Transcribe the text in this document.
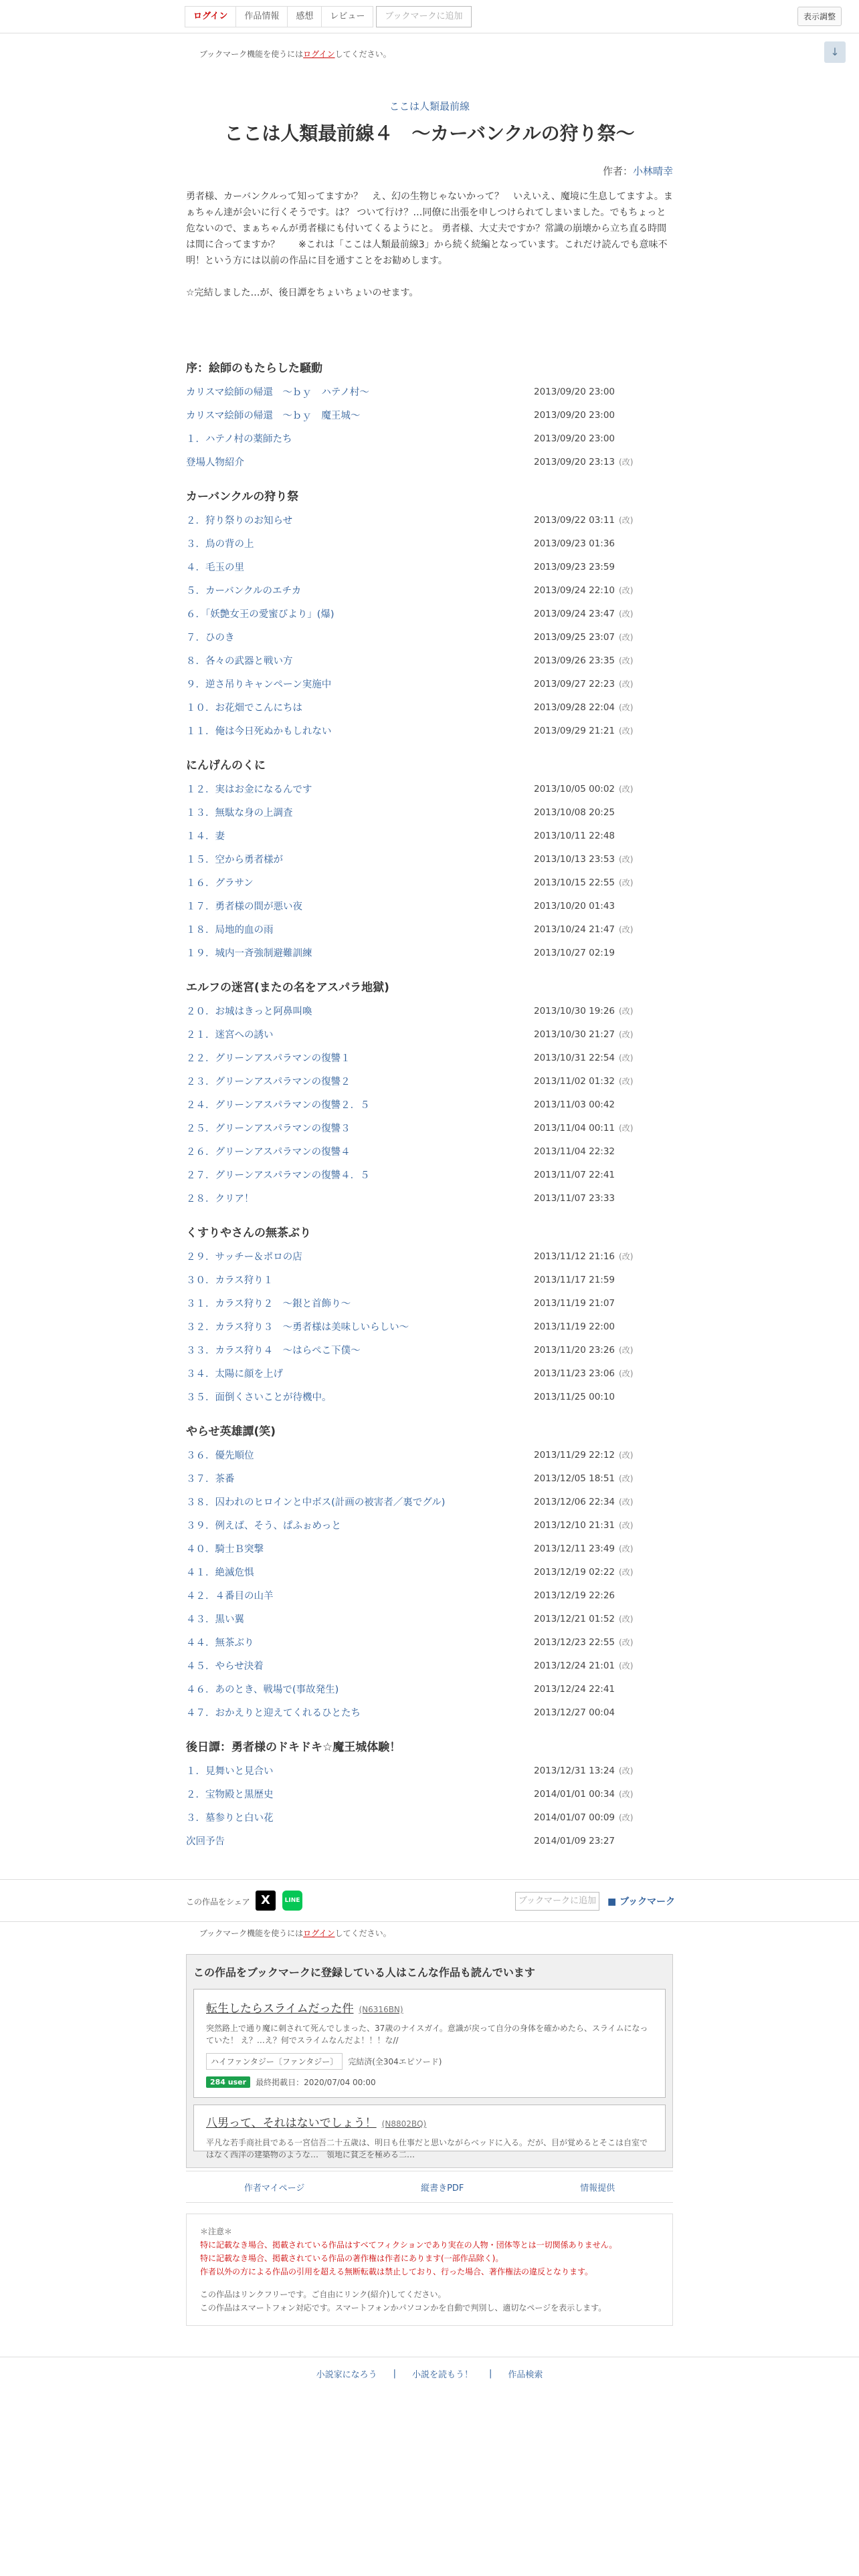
ログイン	作品情報	感想	レビュー	ブックマークに追加	表示調整
ブックマーク機能を使うにはログインしてください。	↓
ここは人類最前線
ここは人類最前線４　～カーバンクルの狩り祭～
作者：小林晴幸
勇者様、カーバンクルって知ってますか？　え、幻の生物じゃないかって？　いえいえ、魔境に生息してますよ。まぁちゃん達が会いに行くそうです。は？ ついて行け？…同僚に出張を申しつけられてしまいました。でもちょっと危ないので、まぁちゃんが勇者様にも付いてくるようにと。 勇者様、大丈夫ですか？常識の崩壊から立ち直る時間は間に合ってますか？　　※これは「ここは人類最前線3」から続く続編となっています。これだけ読んでも意味不明！という方には以前の作品に目を通すことをお勧めします。

☆完結しました…が、後日譚をちょいちょいのせます。
序：絵師のもたらした騒動
カリスマ絵師の帰還　～ｂｙ　ハテノ村～	2013/09/20 23:00
カリスマ絵師の帰還　～ｂｙ　魔王城～	2013/09/20 23:00
１．ハテノ村の薬師たち	2013/09/20 23:00
登場人物紹介	2013/09/20 23:13 (改)
カーバンクルの狩り祭
２．狩り祭りのお知らせ	2013/09/22 03:11 (改)
３．鳥の背の上	2013/09/23 01:36
４．毛玉の里	2013/09/23 23:59
５．カーバンクルのエチカ	2013/09/24 22:10 (改)
６．「妖艶女王の愛蜜びより」(爆)	2013/09/24 23:47 (改)
７．ひのき	2013/09/25 23:07 (改)
８．各々の武器と戦い方	2013/09/26 23:35 (改)
９．逆さ吊りキャンペーン実施中	2013/09/27 22:23 (改)
１０．お花畑でこんにちは	2013/09/28 22:04 (改)
１１．俺は今日死ぬかもしれない	2013/09/29 21:21 (改)
にんげんのくに
１２．実はお金になるんです	2013/10/05 00:02 (改)
１３．無駄な身の上調査	2013/10/08 20:25
１４．妻	2013/10/11 22:48
１５．空から勇者様が	2013/10/13 23:53 (改)
１６．グラサン	2013/10/15 22:55 (改)
１７．勇者様の間が悪い夜	2013/10/20 01:43
１８．局地的血の雨	2013/10/24 21:47 (改)
１９．城内一斉強制避難訓練	2013/10/27 02:19
エルフの迷宮(またの名をアスパラ地獄)
２０．お城はきっと阿鼻叫喚	2013/10/30 19:26 (改)
２１．迷宮への誘い	2013/10/30 21:27 (改)
２２．グリーンアスパラマンの復讐１	2013/10/31 22:54 (改)
２３．グリーンアスパラマンの復讐２	2013/11/02 01:32 (改)
２４．グリーンアスパラマンの復讐２．５	2013/11/03 00:42
２５．グリーンアスパラマンの復讐３	2013/11/04 00:11 (改)
２６．グリーンアスパラマンの復讐４	2013/11/04 22:32
２７．グリーンアスパラマンの復讐４．５	2013/11/07 22:41
２８．クリア！	2013/11/07 23:33
くすりやさんの無茶ぶり
２９．サッチー＆ポロの店	2013/11/12 21:16 (改)
３０．カラス狩り１	2013/11/17 21:59
３１．カラス狩り２　～銀と首飾り～	2013/11/19 21:07
３２．カラス狩り３　～勇者様は美味しいらしい～	2013/11/19 22:00
３３．カラス狩り４　～はらぺこ下僕～	2013/11/20 23:26 (改)
３４．太陽に顔を上げ	2013/11/23 23:06 (改)
３５．面倒くさいことが待機中。	2013/11/25 00:10
やらせ英雄譚(笑)
３６．優先順位	2013/11/29 22:12 (改)
３７．茶番	2013/12/05 18:51 (改)
３８．囚われのヒロインと中ボス(計画の被害者／裏でグル)	2013/12/06 22:34 (改)
３９．例えば、そう、ぱふぉめっと	2013/12/10 21:31 (改)
４０．騎士Ｂ突撃	2013/12/11 23:49 (改)
４１．絶滅危惧	2013/12/19 02:22 (改)
４２．４番目の山羊	2013/12/19 22:26
４３．黒い翼	2013/12/21 01:52 (改)
４４．無茶ぶり	2013/12/23 22:55 (改)
４５．やらせ決着	2013/12/24 21:01 (改)
４６．あのとき、戦場で(事故発生)	2013/12/24 22:41
４７．おかえりと迎えてくれるひとたち	2013/12/27 00:04
後日譚：勇者様のドキドキ☆魔王城体験！
１．見舞いと見合い	2013/12/31 13:24 (改)
２．宝物殿と黒歴史	2014/01/01 00:34 (改)
３．墓参りと白い花	2014/01/07 00:09 (改)
次回予告	2014/01/09 23:27
この作品をシェア X	LINE	ブックマークに追加	■ ブックマーク
ブックマーク機能を使うにはログインしてください。
この作品をブックマークに登録している人はこんな作品も読んでいます
転生したらスライムだった件 (N6316BN)

突然路上で通り魔に刺されて死んでしまった、37歳のナイスガイ。意識が戻って自分の身体を確かめたら、スライムになっていた！ え？…え？何でスライムなんだよ！！！な//

ハイファンタジー〔ファンタジー〕	完結済(全304エピソード)
284 user	最終掲載日：2020/07/04 00:00
八男って、それはないでしょう！ (N8802BQ)

平凡な若手商社員である一宮信吾二十五歳は、明日も仕事だと思いながらベッドに入る。だが、目が覚めるとそこは自室ではなく西洋の建築物のような…　領地に貧乏を極める二…

作者マイページ	縦書きPDF	情報提供

＊注意＊

特に記載なき場合、掲載されている作品はすべてフィクションであり実在の人物・団体等とは一切関係ありません。

特に記載なき場合、掲載されている作品の著作権は作者にあります(一部作品除く)。

作者以外の方による作品の引用を超える無断転載は禁止しており、行った場合、著作権法の違反となります。

この作品はリンクフリーです。ご自由にリンク(紹介)してください。

この作品はスマートフォン対応です。スマートフォンかパソコンかを自動で判別し、適切なページを表示します。

小説家になろう | 小説を読もう！ | 作品検索
